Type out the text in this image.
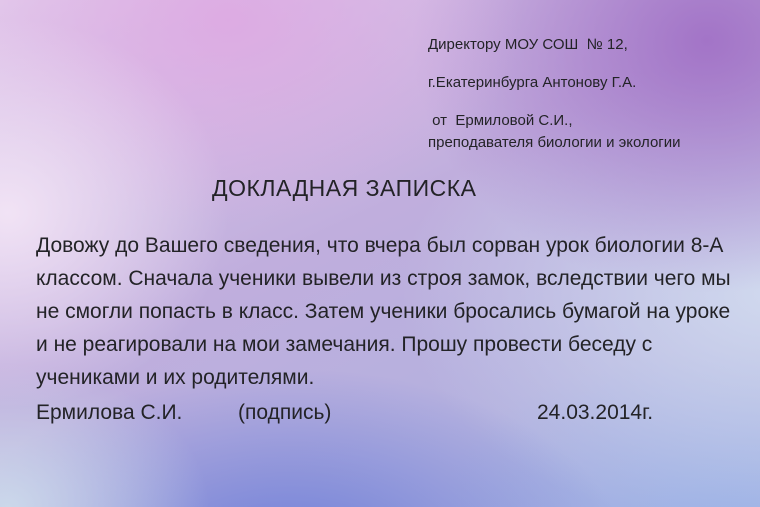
Директору МОУ СОШ  № 12,
г.Екатеринбурга Антонову Г.А.
от  Ермиловой С.И.,
преподавателя биологии и экологии
ДОКЛАДНАЯ ЗАПИСКА
Довожу до Вашего сведения, что вчера был сорван урок биологии 8-А
классом. Сначала ученики вывели из строя замок, вследствии чего мы
не смогли попасть в класс. Затем ученики бросались бумагой на уроке
и не реагировали на мои замечания. Прошу провести беседу с
учениками и их родителями.
Ермилова С.И.	(подпись)	24.03.2014г.
